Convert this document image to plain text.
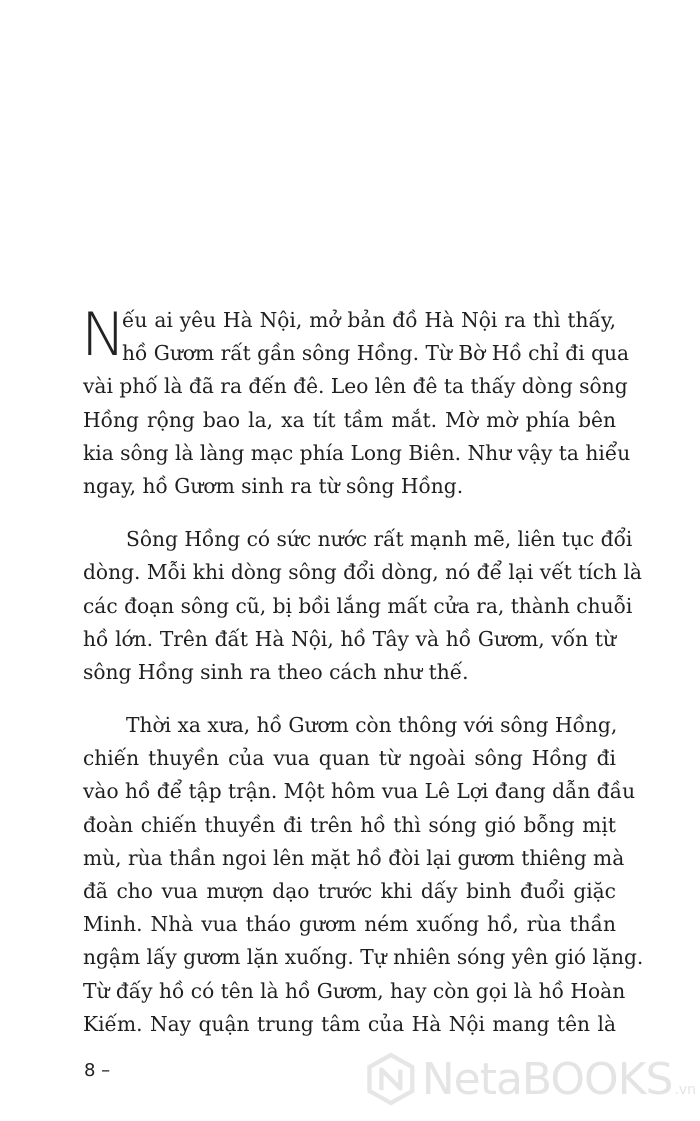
N
ếu ai yêu Hà Nội, mở bản đồ Hà Nội ra thì thấy,
hồ Gươm rất gần sông Hồng. Từ Bờ Hồ chỉ đi qua
vài phố là đã ra đến đê. Leo lên đê ta thấy dòng sông
Hồng rộng bao la, xa tít tầm mắt. Mờ mờ phía bên
kia sông là làng mạc phía Long Biên. Như vậy ta hiểu
ngay, hồ Gươm sinh ra từ sông Hồng.
Sông Hồng có sức nước rất mạnh mẽ, liên tục đổi
dòng. Mỗi khi dòng sông đổi dòng, nó để lại vết tích là
các đoạn sông cũ, bị bồi lắng mất cửa ra, thành chuỗi
hồ lớn. Trên đất Hà Nội, hồ Tây và hồ Gươm, vốn từ
sông Hồng sinh ra theo cách như thế.
Thời xa xưa, hồ Gươm còn thông với sông Hồng,
chiến thuyền của vua quan từ ngoài sông Hồng đi
vào hồ để tập trận. Một hôm vua Lê Lợi đang dẫn đầu
đoàn chiến thuyền đi trên hồ thì sóng gió bỗng mịt
mù, rùa thần ngoi lên mặt hồ đòi lại gươm thiêng mà
đã cho vua mượn dạo trước khi dấy binh đuổi giặc
Minh. Nhà vua tháo gươm ném xuống hồ, rùa thần
ngậm lấy gươm lặn xuống. Tự nhiên sóng yên gió lặng.
Từ đấy hồ có tên là hồ Gươm, hay còn gọi là hồ Hoàn
Kiếm. Nay quận trung tâm của Hà Nội mang tên là
8 –	NetaBOOKS .vn
